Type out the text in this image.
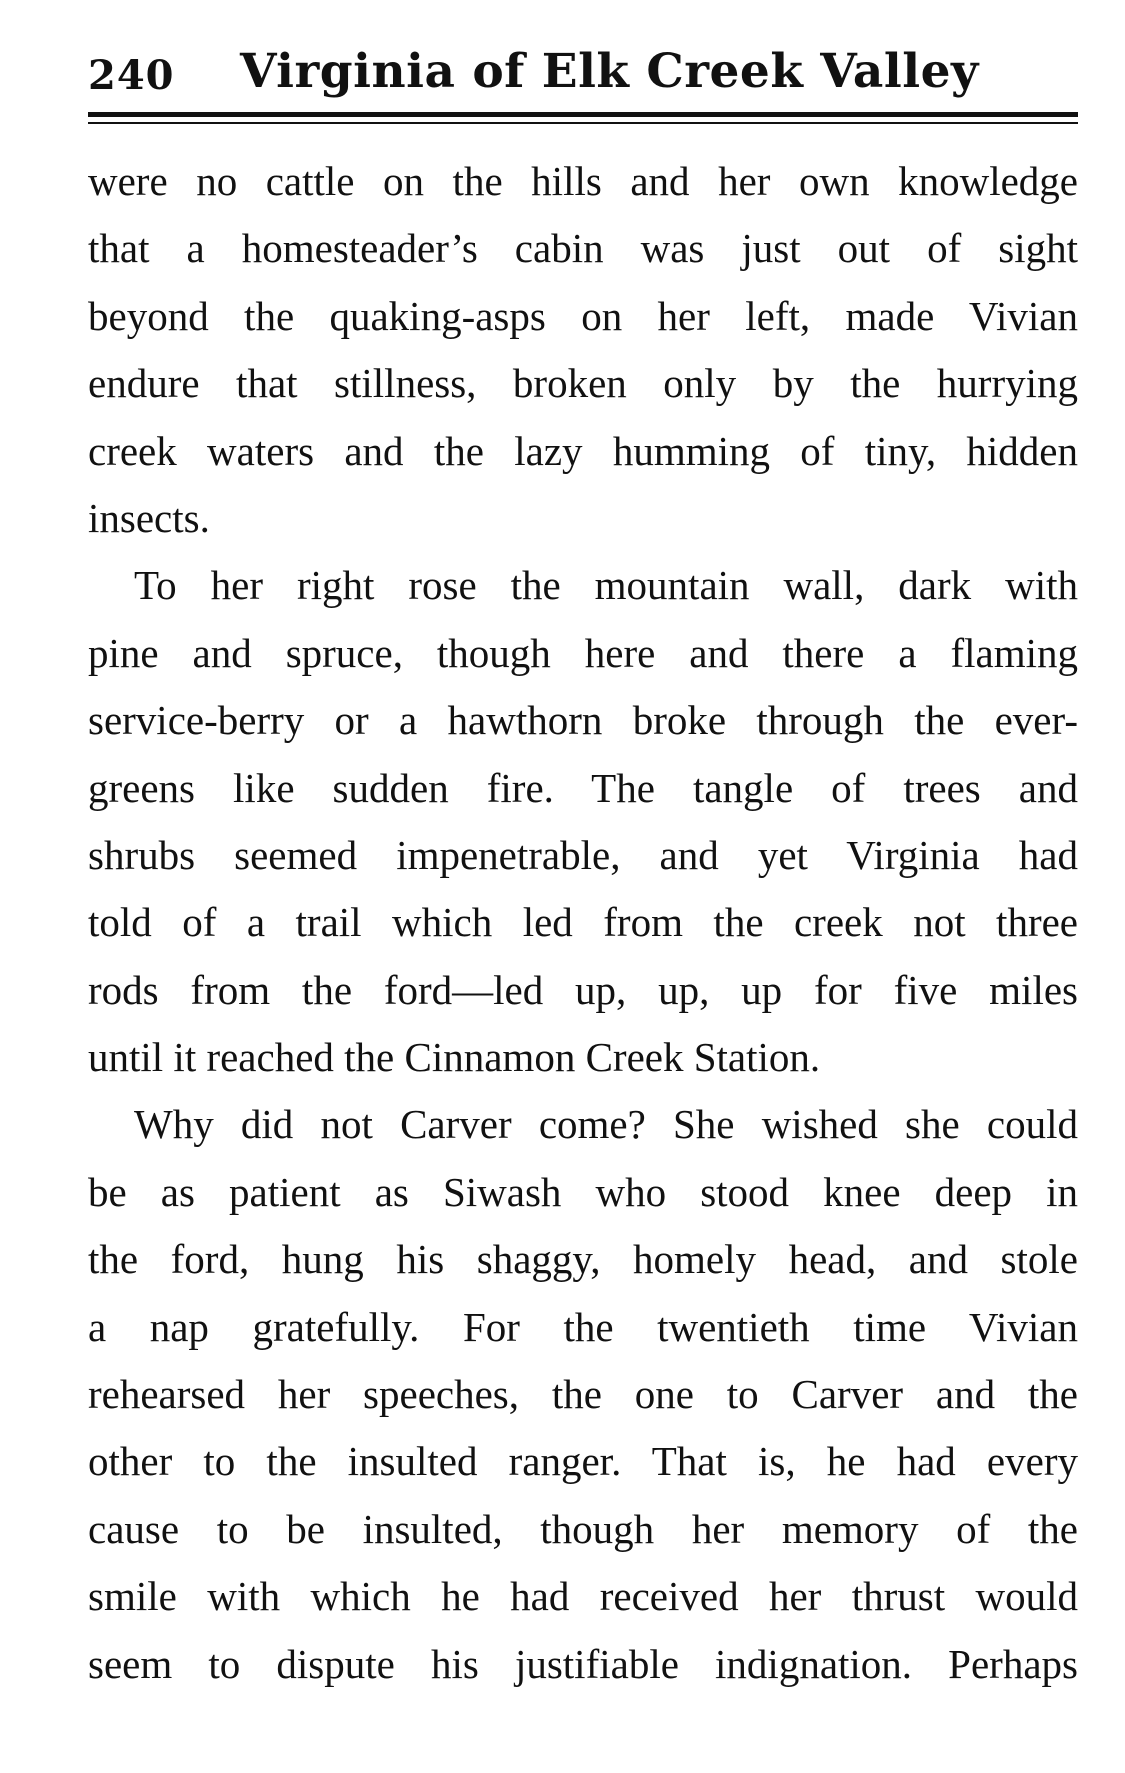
240 Virginia of Elk Creek Valley
were no cattle on the hills and her own knowledge
that a homesteader’s cabin was just out of sight
beyond the quaking-asps on her left, made Vivian
endure that stillness, broken only by the hurrying
creek waters and the lazy humming of tiny, hidden
insects.
To her right rose the mountain wall, dark with
pine and spruce, though here and there a flaming
service-berry or a hawthorn broke through the ever-
greens like sudden fire. The tangle of trees and
shrubs seemed impenetrable, and yet Virginia had
told of a trail which led from the creek not three
rods from the ford—led up, up, up for five miles
until it reached the Cinnamon Creek Station.
Why did not Carver come? She wished she could
be as patient as Siwash who stood knee deep in
the ford, hung his shaggy, homely head, and stole
a nap gratefully. For the twentieth time Vivian
rehearsed her speeches, the one to Carver and the
other to the insulted ranger. That is, he had every
cause to be insulted, though her memory of the
smile with which he had received her thrust would
seem to dispute his justifiable indignation. Perhaps
